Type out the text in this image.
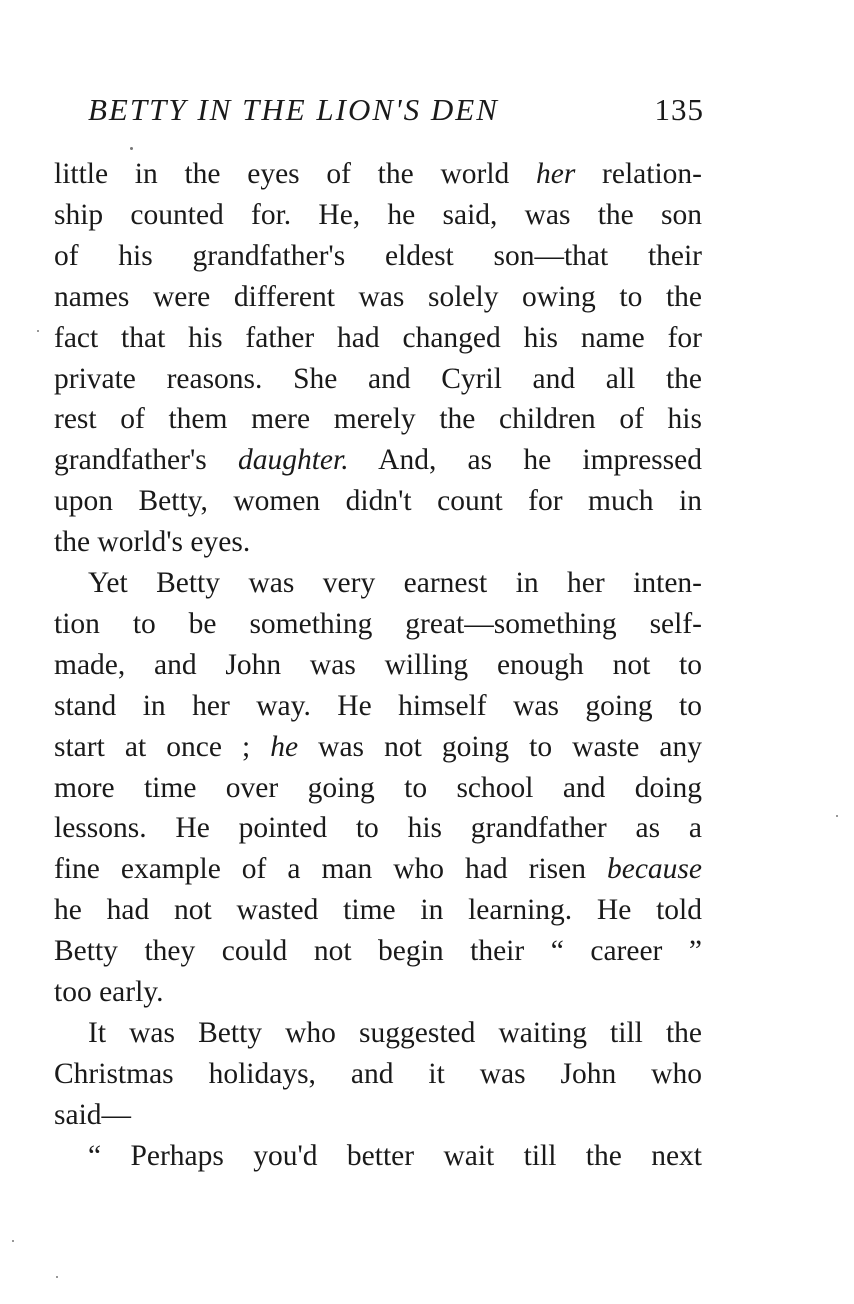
BETTY IN THE LION'S DEN	135
little in the eyes of the world her relation-
ship counted for. He, he said, was the son
of his grandfather's eldest son—that their
names were different was solely owing to the
fact that his father had changed his name for
private reasons. She and Cyril and all the
rest of them mere merely the children of his
grandfather's daughter. And, as he impressed
upon Betty, women didn't count for much in
the world's eyes.
Yet Betty was very earnest in her inten-
tion to be something great—something self-
made, and John was willing enough not to
stand in her way. He himself was going to
start at once ; he was not going to waste any
more time over going to school and doing
lessons. He pointed to his grandfather as a
fine example of a man who had risen because
he had not wasted time in learning. He told
Betty they could not begin their “ career ”
too early.
It was Betty who suggested waiting till the
Christmas holidays, and it was John who
said—
“ Perhaps you'd better wait till the next
